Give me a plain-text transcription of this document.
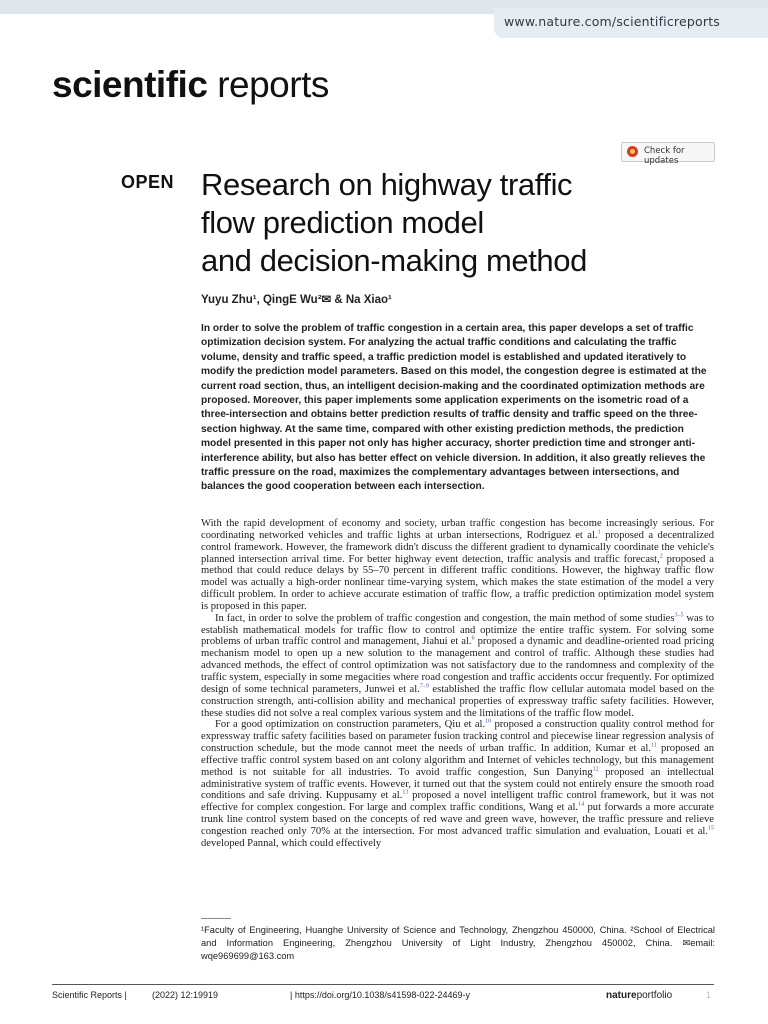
www.nature.com/scientificreports
scientific reports
Check for updates
OPEN Research on highway traffic
flow prediction model
and decision-making method
Yuyu Zhu¹, QingE Wu²✉ & Na Xiao¹
In order to solve the problem of traffic congestion in a certain area, this paper develops a set of traffic optimization decision system. For analyzing the actual traffic conditions and calculating the traffic volume, density and traffic speed, a traffic prediction model is established and updated iteratively to modify the prediction model parameters. Based on this model, the congestion degree is estimated at the current road section, thus, an intelligent decision-making and the coordinated optimization methods are proposed. Moreover, this paper implements some application experiments on the isometric road of a three-intersection and obtains better prediction results of traffic density and traffic speed on the three-section highway. At the same time, compared with other existing prediction methods, the prediction model presented in this paper not only has higher accuracy, shorter prediction time and stronger anti-interference ability, but also has better effect on vehicle diversion. In addition, it also greatly relieves the traffic pressure on the road, maximizes the complementary advantages between intersections, and balances the good cooperation between each intersection.

With the rapid development of economy and society, urban traffic congestion has become increasingly serious. For coordinating networked vehicles and traffic lights at urban intersections, Rodriguez et al.$^1$ proposed a decentralized control framework. However, the framework didn't discuss the different gradient to dynamically coordinate the vehicle's planned intersection arrival time. For better highway event detection, traffic analysis and traffic forecast,$^2$ proposed a method that could reduce delays by 55–70 percent in different traffic conditions. However, the highway traffic flow model was actually a high-order nonlinear time-varying system, which makes the state estimation of the model a very difficult problem. In order to achieve accurate estimation of traffic flow, a traffic prediction optimization model system is proposed in this paper.

In fact, in order to solve the problem of traffic congestion and congestion, the main method of some studies$^{3-5}$ was to establish mathematical models for traffic flow to control and optimize the entire traffic system. For solving some problems of urban traffic control and management, Jiahui et al.$^6$ proposed a dynamic and deadline-oriented road pricing mechanism model to open up a new solution to the management and control of traffic. Although these studies had advanced methods, the effect of control optimization was not satisfactory due to the randomness and complexity of the traffic system, especially in some megacities where road congestion and traffic accidents occur frequently. For optimized design of some technical parameters, Junwei et al.$^{7-9}$ established the traffic flow cellular automata model based on the construction strength, anti-collision ability and mechanical properties of expressway traffic safety facilities. However, these studies did not solve a real complex various system and the limitations of the traffic flow model.

For a good optimization on construction parameters, Qiu et al.$^{10}$ proposed a construction quality control method for expressway traffic safety facilities based on parameter fusion tracking control and piecewise linear regression analysis of construction schedule, but the mode cannot meet the needs of urban traffic. In addition, Kumar et al.$^{11}$ proposed an effective traffic control system based on ant colony algorithm and Internet of vehicles technology, but this management method is not suitable for all industries. To avoid traffic congestion, Sun Danying$^{12}$ proposed an intellectual administrative system of traffic events. However, it turned out that the system could not entirely ensure the smooth road conditions and safe driving. Kuppusamy et al.$^{13}$ proposed a novel intelligent traffic control framework, but it was not effective for complex congestion. For large and complex traffic conditions, Wang et al.$^{14}$ put forwards a more accurate trunk line control system based on the concepts of red wave and green wave, however, the traffic pressure and relieve congestion reached only 70% at the intersection. For most advanced traffic simulation and evaluation, Louati et al.$^{15}$ developed Pannal, which could effectively

¹Faculty of Engineering, Huanghe University of Science and Technology, Zhengzhou 450000, China. ²School of Electrical and Information Engineering, Zhengzhou University of Light Industry, Zhengzhou 450002, China. ✉email: wqe969699@163.com
Scientific Reports |	(2022) 12:19919	| https://doi.org/10.1038/s41598-022-24469-y	natureportfolio	1
